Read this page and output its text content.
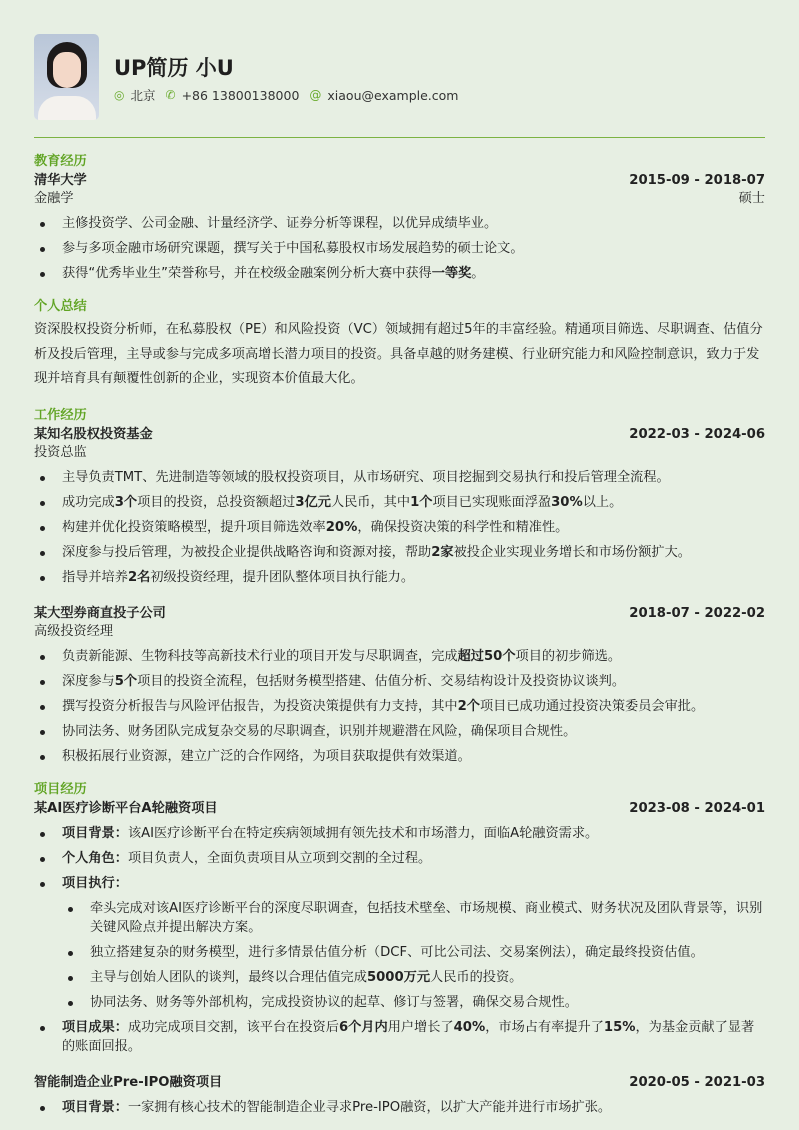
UP简历 小U
◎ 北京 ✆ +86 13800138000 @ xiaou@example.com
教育经历
清华大学	2015-09 - 2018-07
金融学	硕士
主修投资学、公司金融、计量经济学、证券分析等课程，以优异成绩毕业。
参与多项金融市场研究课题，撰写关于中国私募股权市场发展趋势的硕士论文。
获得“优秀毕业生”荣誉称号，并在校级金融案例分析大赛中获得一等奖。
个人总结
资深股权投资分析师，在私募股权（PE）和风险投资（VC）领域拥有超过5年的丰富经验。精通项目筛选、尽职调查、估值分析及投后管理，主导或参与完成多项高增长潜力项目的投资。具备卓越的财务建模、行业研究能力和风险控制意识，致力于发现并培育具有颠覆性创新的企业，实现资本价值最大化。
工作经历
某知名股权投资基金	2022-03 - 2024-06
投资总监
主导负责TMT、先进制造等领域的股权投资项目，从市场研究、项目挖掘到交易执行和投后管理全流程。
成功完成3个项目的投资，总投资额超过3亿元人民币，其中1个项目已实现账面浮盈30%以上。
构建并优化投资策略模型，提升项目筛选效率20%，确保投资决策的科学性和精准性。
深度参与投后管理，为被投企业提供战略咨询和资源对接，帮助2家被投企业实现业务增长和市场份额扩大。
指导并培养2名初级投资经理，提升团队整体项目执行能力。
某大型券商直投子公司	2018-07 - 2022-02
高级投资经理
负责新能源、生物科技等高新技术行业的项目开发与尽职调查，完成超过50个项目的初步筛选。
深度参与5个项目的投资全流程，包括财务模型搭建、估值分析、交易结构设计及投资协议谈判。
撰写投资分析报告与风险评估报告，为投资决策提供有力支持，其中2个项目已成功通过投资决策委员会审批。
协同法务、财务团队完成复杂交易的尽职调查，识别并规避潜在风险，确保项目合规性。
积极拓展行业资源，建立广泛的合作网络，为项目获取提供有效渠道。
项目经历
某AI医疗诊断平台A轮融资项目	2023-08 - 2024-01
项目背景：该AI医疗诊断平台在特定疾病领域拥有领先技术和市场潜力，面临A轮融资需求。
个人角色：项目负责人，全面负责项目从立项到交割的全过程。
项目执行：
牵头完成对该AI医疗诊断平台的深度尽职调查，包括技术壁垒、市场规模、商业模式、财务状况及团队背景等，识别关键风险点并提出解决方案。
独立搭建复杂的财务模型，进行多情景估值分析（DCF、可比公司法、交易案例法），确定最终投资估值。
主导与创始人团队的谈判，最终以合理估值完成5000万元人民币的投资。
协同法务、财务等外部机构，完成投资协议的起草、修订与签署，确保交易合规性。
项目成果：成功完成项目交割，该平台在投资后6个月内用户增长了40%，市场占有率提升了15%，为基金贡献了显著的账面回报。
智能制造企业Pre-IPO融资项目	2020-05 - 2021-03
项目背景：一家拥有核心技术的智能制造企业寻求Pre-IPO融资，以扩大产能并进行市场扩张。
